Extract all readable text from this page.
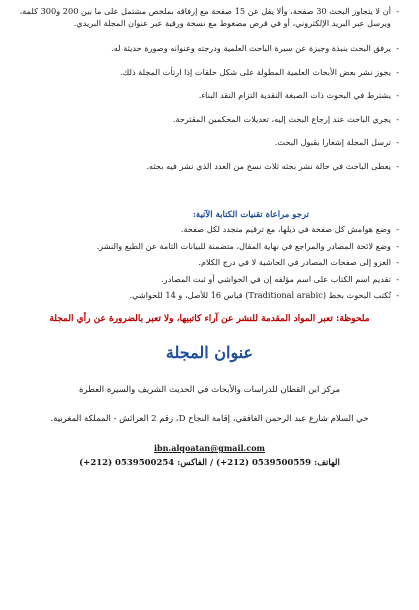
- أن لا يتجاوز البحث 30 صفحة، وألا يقل عن 15 صفحة مع إرفاقه بملخص مشتمل على ما بين 200 و300 كلمة، ويرسل عبر البريد الإلكتروني، أو في قرص مضغوط مع نسخة ورقية عبر عنوان المجلة البريدي.
- يرفق البحث بنبذة وجيزة عن سيرة الباحث العلمية ودرجته وعنوانه وصورة حديثة له.
- يجوز نشر بعض الأبحاث العلمية المطولة على شكل حلقات إذا ارتأت المجلة ذلك.
- يشترط في البحوث ذات الصبغة النقدية التزام النقد البناء.
- يجري الباحث عند إرجاع البحث إليه، تعديلات المحكمين المقترحة.
- ترسل المجلة إشعارا بقبول البحث.
- يعطى الباحث في حالة نشر بحثه ثلاث نسخ من العدد الذي نشر فيه بحثه.
ترجو مراعاة تقنيات الكتابة الآتية:
- وضع هوامش كل صفحة في ذيلها، مع ترقيم متجدد لكل صفحة.
- وضع لائحة المصادر والمراجع في نهاية المقال، متضمنة للبيانات التامة عن الطبع والنشر.
- العزو إلى صفحات المصادر في الحاشية لا في درج الكلام.
- تقديم اسم الكتاب على اسم مؤلفه إن في الحواشي أو ثبت المصادر.
- تُكتب البحوث بخط (Traditional arabic) قياس 16 للأصل، و 14 للحواشي.
ملحوظة: تعبر المواد المقدمة للنشر عن آراء كاتبيها، ولا تعبر بالضرورة عن رأي المجلة
عنوان المجلة
مركز ابن القطان للدراسات والأبحاث في الحديث الشريف والسيرة العطرة
حي السلام شارع عبد الرحمن الغافقي، إقامة النجاح D، رقم 2 العرائش - المملكة المغربية.
ibn.alqoatan@gmail.com
الهاتف: 0539500559 (212+) / الفاكس: 0539500254 (212+)
